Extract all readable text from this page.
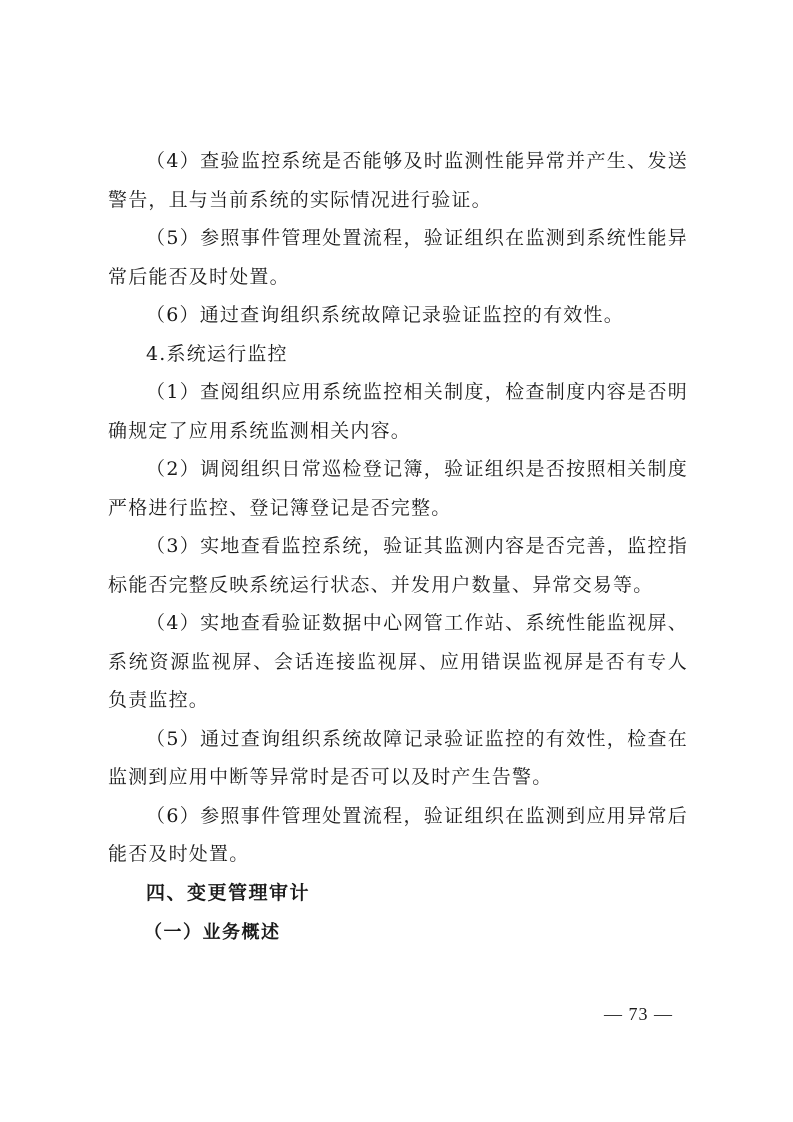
（4）查验监控系统是否能够及时监测性能异常并产生、发送警告，且与当前系统的实际情况进行验证。

（5）参照事件管理处置流程，验证组织在监测到系统性能异常后能否及时处置。

（6）通过查询组织系统故障记录验证监控的有效性。

4.系统运行监控

（1）查阅组织应用系统监控相关制度，检查制度内容是否明确规定了应用系统监测相关内容。

（2）调阅组织日常巡检登记簿，验证组织是否按照相关制度严格进行监控、登记簿登记是否完整。

（3）实地查看监控系统，验证其监测内容是否完善，监控指标能否完整反映系统运行状态、并发用户数量、异常交易等。

（4）实地查看验证数据中心网管工作站、系统性能监视屏、系统资源监视屏、会话连接监视屏、应用错误监视屏是否有专人负责监控。

（5）通过查询组织系统故障记录验证监控的有效性，检查在监测到应用中断等异常时是否可以及时产生告警。

（6）参照事件管理处置流程，验证组织在监测到应用异常后能否及时处置。

四、变更管理审计

（一）业务概述

— 73 —
